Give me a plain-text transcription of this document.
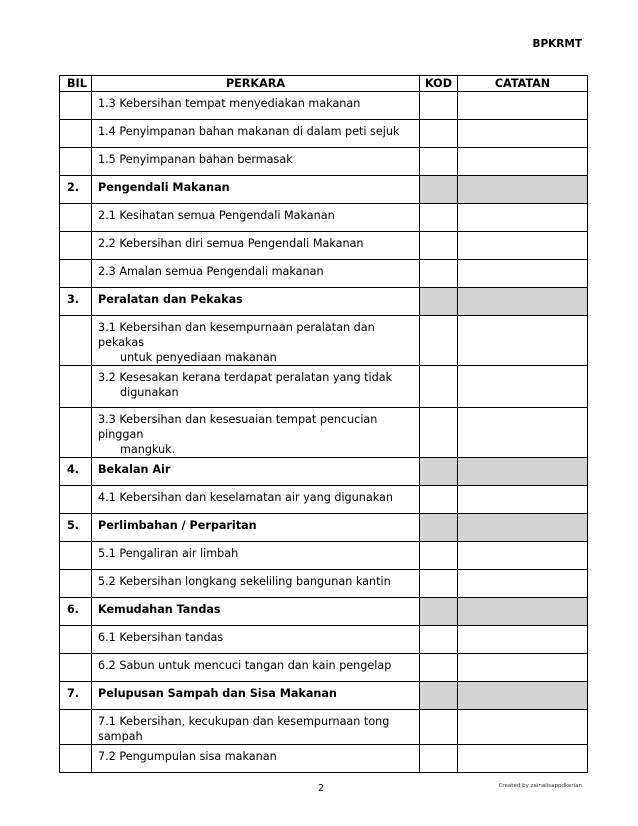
BPKRMT
BIL	PERKARA	KOD	CATATAN
	1.3 Kebersihan tempat menyediakan makanan		
	1.4 Penyimpanan bahan makanan di dalam peti sejuk		
	1.5 Penyimpanan bahan bermasak		
2.	Pengendali Makanan		
	2.1 Kesihatan semua Pengendali Makanan		
	2.2 Kebersihan diri semua Pengendali Makanan		
	2.3 Amalan semua Pengendali makanan		
3.	Peralatan dan Pekakas		
	3.1 Kebersihan dan kesempurnaan peralatan dan pekakas
untuk penyediaan makanan		

	3.2 Kesesakan kerana terdapat peralatan yang tidak
digunakan		

	3.3 Kebersihan dan kesesuaian tempat pencucian pinggan
mangkuk.		

4.	Bekalan Air		
	4.1 Kebersihan dan keselamatan air yang digunakan		
5.	Perlimbahan / Perparitan		
	5.1 Pengaliran air limbah		
	5.2 Kebersihan longkang sekeliling bangunan kantin		
6.	Kemudahan Tandas		
	6.1 Kebersihan tandas		
	6.2 Sabun untuk mencuci tangan dan kain pengelap		
7.	Pelupusan Sampah dan Sisa Makanan		
	7.1 Kebersihan, kecukupan dan kesempurnaan tong sampah		
	7.2 Pengumpulan sisa makanan		
2	Created by zainalisappdkerian
